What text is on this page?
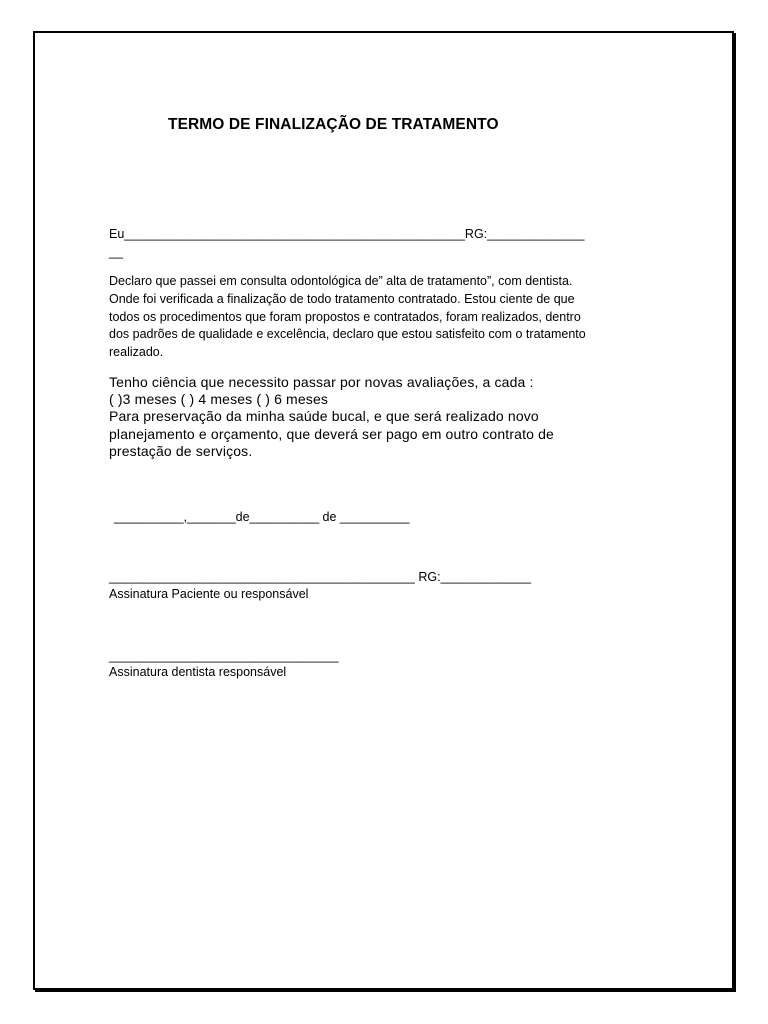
TERMO DE FINALIZAÇÃO DE TRATAMENTO
Eu_________________________________________________RG:______________
__
Declaro que passei em consulta odontológica de” alta de tratamento”, com dentista.
Onde foi verificada a finalização de todo tratamento contratado. Estou ciente de que
todos os procedimentos que foram propostos e contratados, foram realizados, dentro
dos padrões de qualidade e excelência, declaro que estou satisfeito com o tratamento
realizado.
Tenho ciência que necessito passar por novas avaliações, a cada :
( )3 meses ( ) 4 meses ( ) 6 meses
Para preservação da minha saúde bucal, e que será realizado novo
planejamento e orçamento, que deverá ser pago em outro contrato de
prestação de serviços.
__________,_______de__________ de __________
____________________________________________ RG:_____________
Assinatura Paciente ou responsável
_________________________________
Assinatura dentista responsável
